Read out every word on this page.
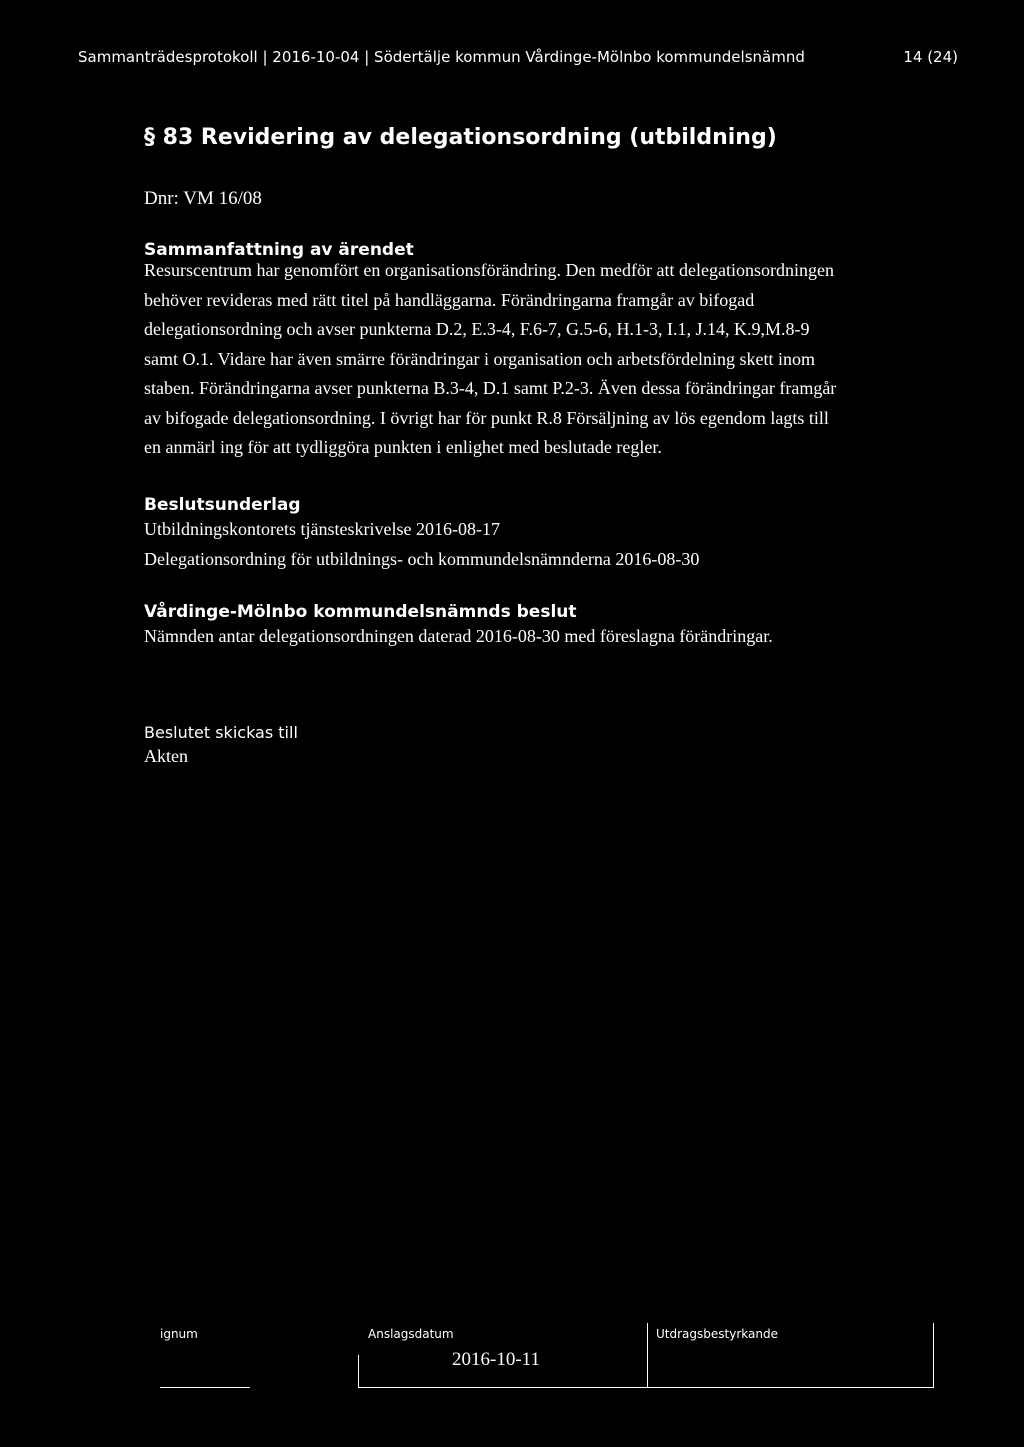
Sammanträdesprotokoll | 2016-10-04 | Södertälje kommun Vårdinge-Mölnbo kommundelsnämnd	14 (24)
§ 83 Revidering av delegationsordning (utbildning)
Dnr: VM 16/08
Sammanfattning av ärendet
Resurscentrum har genomfört en organisationsförändring. Den medför att delegationsordningen
behöver revideras med rätt titel på handläggarna. Förändringarna framgår av bifogad
delegationsordning och avser punkterna D.2, E.3-4, F.6-7, G.5-6, H.1-3, I.1, J.14, K.9,M.8-9
samt O.1. Vidare har även smärre förändringar i organisation och arbetsfördelning skett inom
staben. Förändringarna avser punkterna B.3-4, D.1 samt P.2-3. Även dessa förändringar framgår
av bifogade delegationsordning. I övrigt har för punkt R.8 Försäljning av lös egendom lagts till
en anmärl ing för att tydliggöra punkten i enlighet med beslutade regler.
Beslutsunderlag
Utbildningskontorets tjänsteskrivelse 2016-08-17
Delegationsordning för utbildnings- och kommundelsnämnderna 2016-08-30
Vårdinge-Mölnbo kommundelsnämnds beslut
Nämnden antar delegationsordningen daterad 2016-08-30 med föreslagna förändringar.
Beslutet skickas till
Akten
ignum	Anslagsdatum
2016-10-11
Utdragsbestyrkande
